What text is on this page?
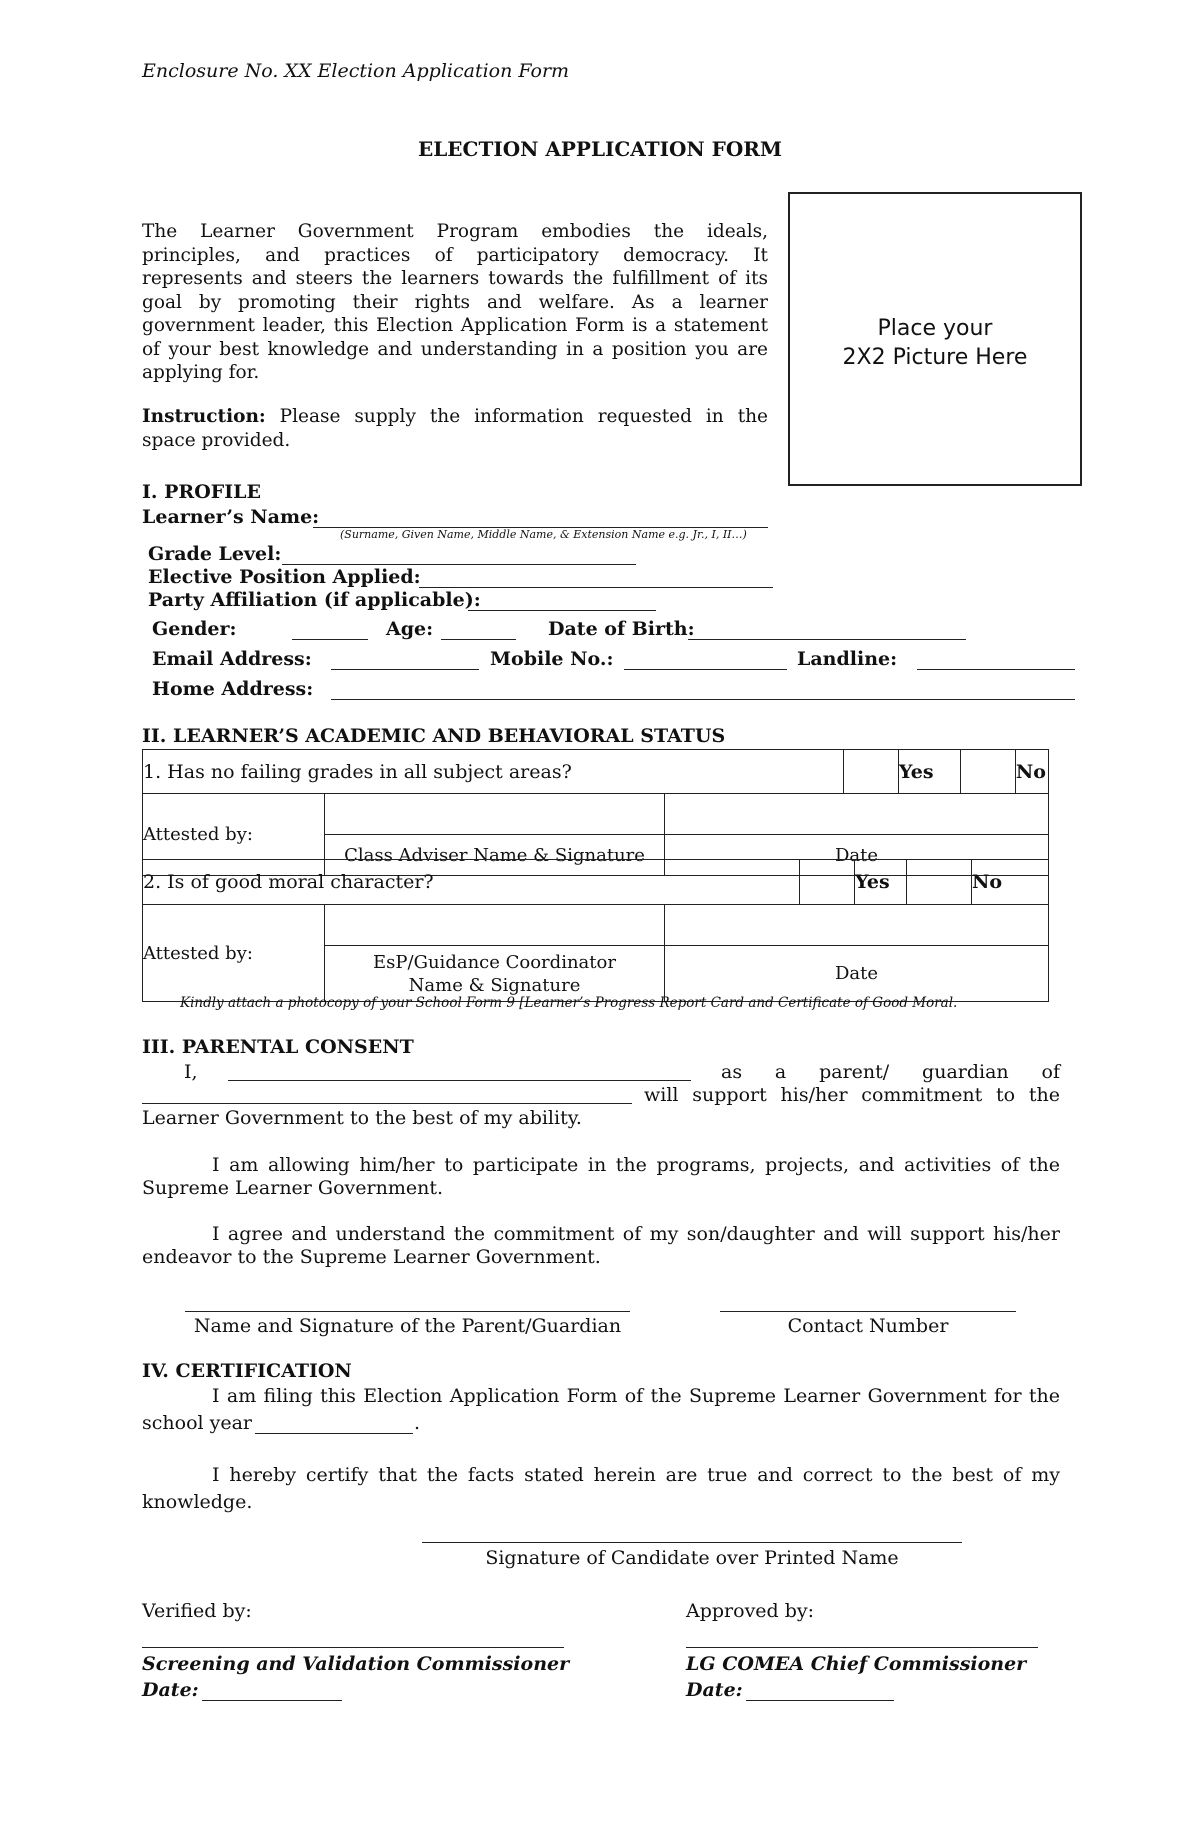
Enclosure No. XX Election Application Form
ELECTION APPLICATION FORM
The Learner Government Program embodies the ideals,
principles, and practices of participatory democracy. It
represents and steers the learners towards the fulfillment of its
goal by promoting their rights and welfare. As a learner
government leader, this Election Application Form is a statement
of your best knowledge and understanding in a position you are
applying for.
Instruction: Please supply the information requested in the
space provided.
Place your
2X2 Picture Here
I. PROFILE
Learner’s Name:
(Surname, Given Name, Middle Name, & Extension Name e.g. Jr., I, II…)
Grade Level:
Elective Position Applied:
Party Affiliation (if applicable):
Gender:	Age:	Date of Birth:
Email Address:	Mobile No.:	Landline:
Home Address:
II. LEARNER’S ACADEMIC AND BEHAVIORAL STATUS
1. Has no failing grades in all subject areas?		Yes		No
Attested by:		
	Class Adviser Name & Signature	Date
2. Is of good moral character?		Yes		No
Attested by:		

	EsP/Guidance Coordinator
Name & Signature	Date
Kindly attach a photocopy of your School Form 9 [Learner’s Progress Report Card and Certificate of Good Moral.
III. PARENTAL CONSENT
I,	as a parent/ guardian of
will support his/her commitment to the
Learner Government to the best of my ability.
I am allowing him/her to participate in the programs, projects, and activities of the
Supreme Learner Government.
I agree and understand the commitment of my son/daughter and will support his/her
endeavor to the Supreme Learner Government.
Name and Signature of the Parent/Guardian	Contact Number
IV. CERTIFICATION
I am filing this Election Application Form of the Supreme Learner Government for the
school year	.
I hereby certify that the facts stated herein are true and correct to the best of my
knowledge.
Signature of Candidate over Printed Name
Verified by:	Approved by:
Screening and Validation Commissioner	LG COMEA Chief Commissioner
Date:	Date:
